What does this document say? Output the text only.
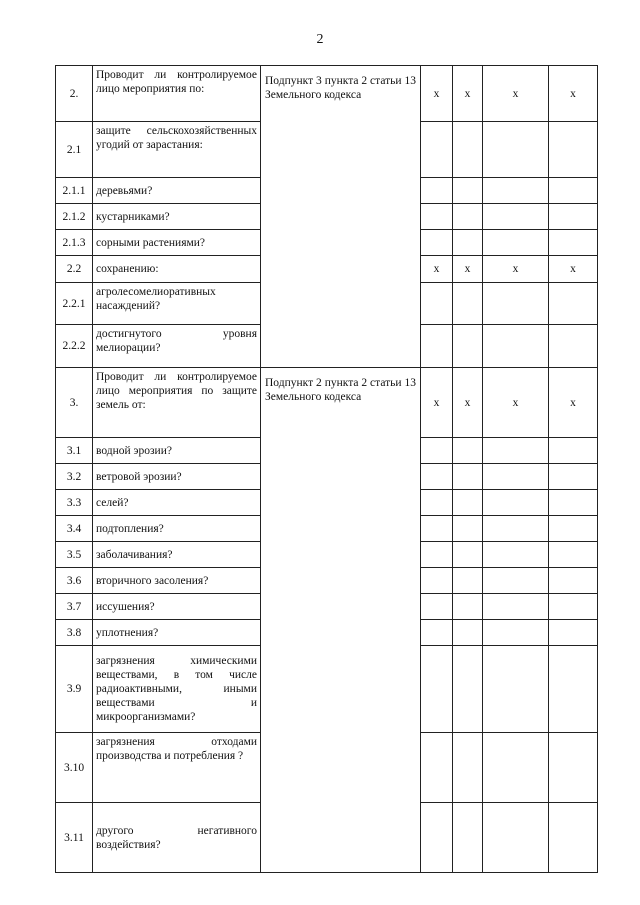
2
2.	Проводит ли контролируемое лицо мероприятия по:	Подпункт 3 пункта 2 статьи 13 Земельного кодекса	х	х	х	х
2.1	защите сельскохозяйственных угодий от зарастания:					
2.1.1	деревьями?					
2.1.2	кустарниками?					
2.1.3	сорными растениями?					
2.2	сохранению:		х	х	х	х
2.2.1	агролесомелиоративных насаждений?					
2.2.2	достигнутого уровня мелиорации?					
3.	Проводит ли контролируемое лицо мероприятия по защите земель от:	Подпункт 2 пункта 2 статьи 13 Земельного кодекса	х	х	х	х
3.1	водной эрозии?					
3.2	ветровой эрозии?					
3.3	селей?					
3.4	подтопления?					
3.5	заболачивания?					
3.6	вторичного засоления?					
3.7	иссушения?					
3.8	уплотнения?					
3.9	загрязнения химическими веществами, в том числе радиоактивными, иными веществами и микроорганизмами?					
3.10	загрязнения отходами производства и потребления ?					
3.11	другого негативного воздействия?					
